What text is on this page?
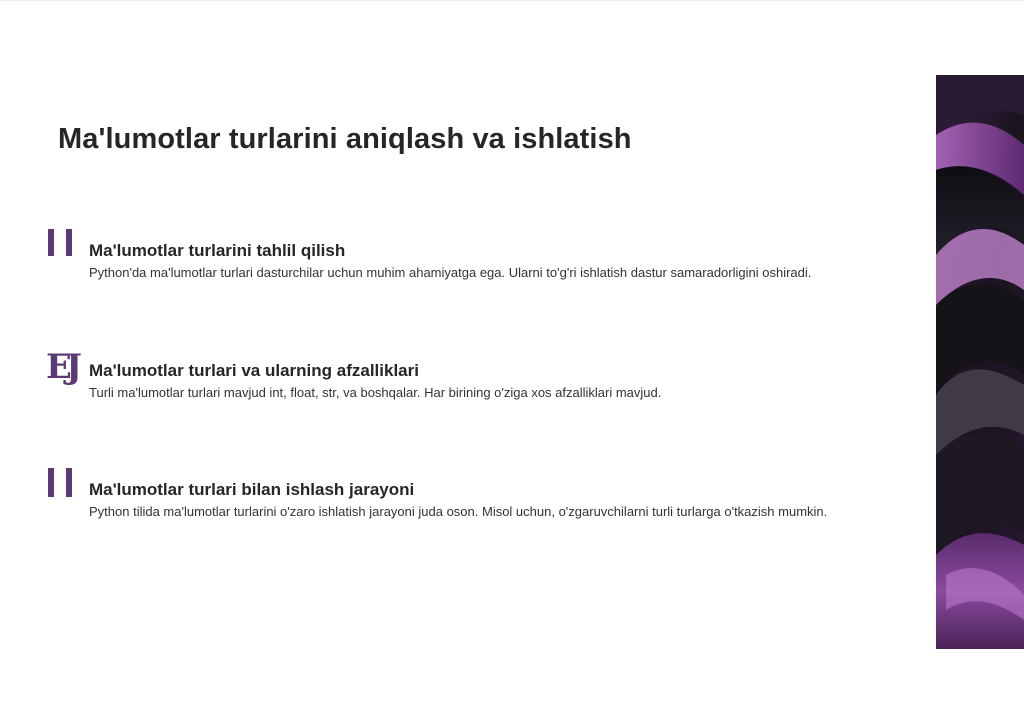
Ma'lumotlar turlarini aniqlash va ishlatish
Ma'lumotlar turlarini tahlil qilish

Python'da ma'lumotlar turlari dasturchilar uchun muhim ahamiyatga ega. Ularni to'g'ri ishlatish dastur samaradorligini oshiradi.

EJ Ma'lumotlar turlari va ularning afzalliklari

Turli ma'lumotlar turlari mavjud int, float, str, va boshqalar. Har birining o'ziga xos afzalliklari mavjud.

Ma'lumotlar turlari bilan ishlash jarayoni

Python tilida ma'lumotlar turlarini o'zaro ishlatish jarayoni juda oson. Misol uchun, o'zgaruvchilarni turli turlarga o'tkazish mumkin.
